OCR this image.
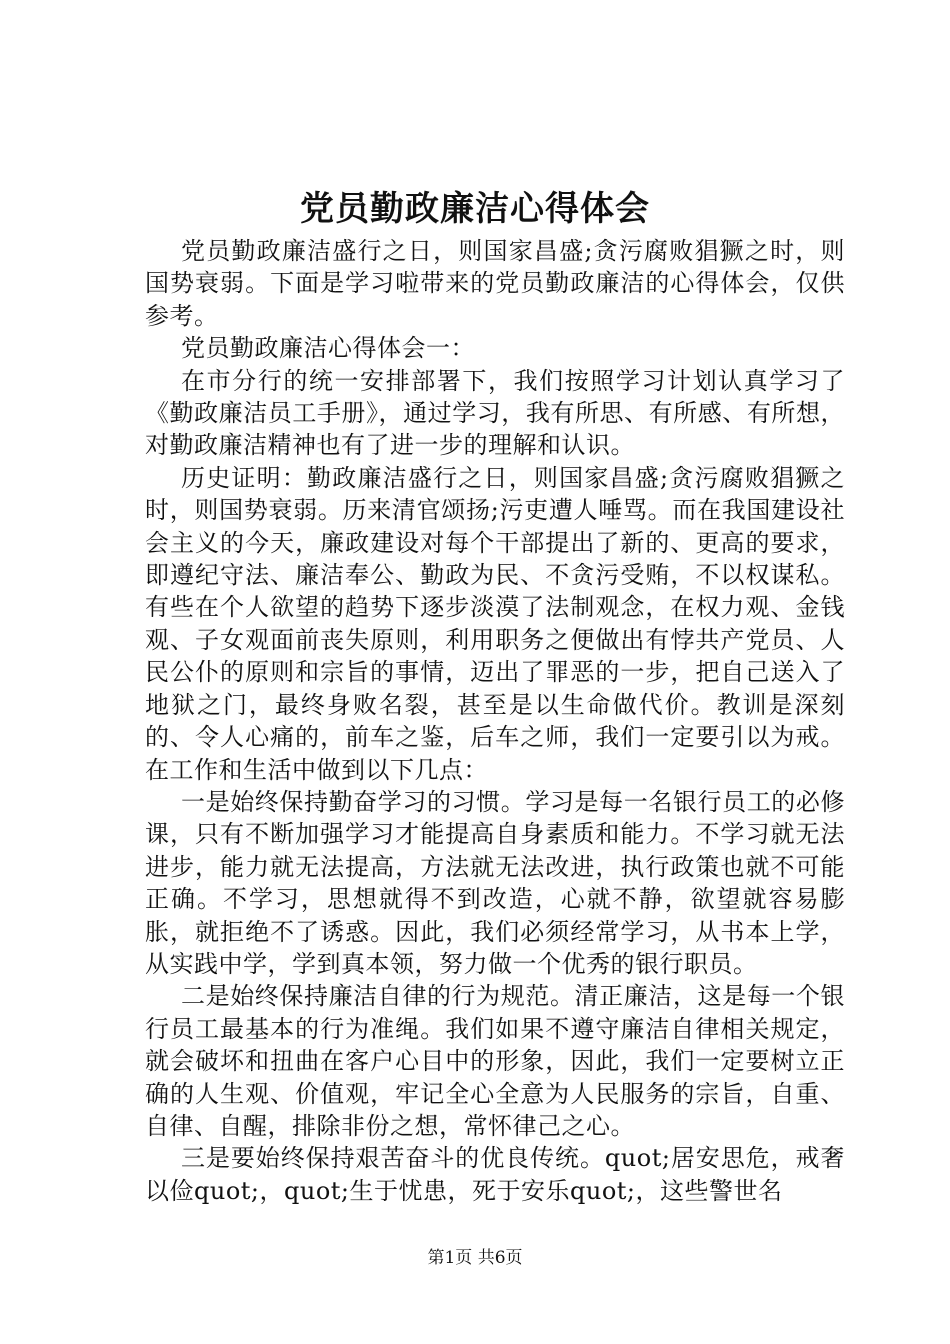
党员勤政廉洁心得体会

党员勤政廉洁盛行之日，则国家昌盛;贪污腐败猖獗之时，则国势衰弱。下面是学习啦带来的党员勤政廉洁的心得体会，仅供参考。

党员勤政廉洁心得体会一：

在市分行的统一安排部署下，我们按照学习计划认真学习了《勤政廉洁员工手册》，通过学习，我有所思、有所感、有所想，对勤政廉洁精神也有了进一步的理解和认识。

历史证明：勤政廉洁盛行之日，则国家昌盛;贪污腐败猖獗之时，则国势衰弱。历来清官颂扬;污吏遭人唾骂。而在我国建设社会主义的今天，廉政建设对每个干部提出了新的、更高的要求，即遵纪守法、廉洁奉公、勤政为民、不贪污受贿，不以权谋私。有些在个人欲望的趋势下逐步淡漠了法制观念，在权力观、金钱观、子女观面前丧失原则，利用职务之便做出有悖共产党员、人民公仆的原则和宗旨的事情，迈出了罪恶的一步，把自己送入了地狱之门，最终身败名裂，甚至是以生命做代价。教训是深刻的、令人心痛的，前车之鉴，后车之师，我们一定要引以为戒。在工作和生活中做到以下几点：

一是始终保持勤奋学习的习惯。学习是每一名银行员工的必修课，只有不断加强学习才能提高自身素质和能力。不学习就无法进步，能力就无法提高，方法就无法改进，执行政策也就不可能正确。不学习，思想就得不到改造，心就不静，欲望就容易膨胀，就拒绝不了诱惑。因此，我们必须经常学习，从书本上学，从实践中学，学到真本领，努力做一个优秀的银行职员。

二是始终保持廉洁自律的行为规范。清正廉洁，这是每一个银行员工最基本的行为准绳。我们如果不遵守廉洁自律相关规定，就会破坏和扭曲在客户心目中的形象，因此，我们一定要树立正确的人生观、价值观，牢记全心全意为人民服务的宗旨，自重、自律、自醒，排除非份之想，常怀律己之心。

三是要始终保持艰苦奋斗的优良传统。quot;居安思危，戒奢以俭quot;，quot;生于忧患，死于安乐quot;，这些警世名

第1页 共6页
